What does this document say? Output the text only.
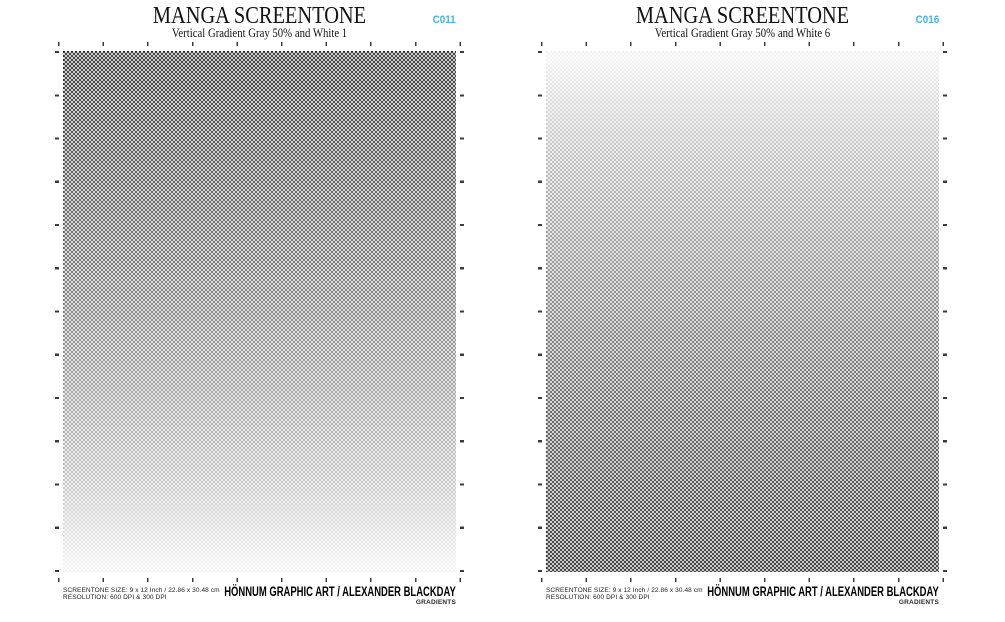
MANGA SCREENTONE
Vertical Gradient Gray 50% and White 1
C011
SCREENTONE SIZE: 9 x 12 Inch / 22.86 x 30.48 cm
RESOLUTION: 600 DPI & 300 DPI	HÖNNUM GRAPHIC ART / ALEXANDER BLACKDAY
GRADIENTS
MANGA SCREENTONE
Vertical Gradient Gray 50% and White 6
C016
SCREENTONE SIZE: 9 x 12 Inch / 22.86 x 30.48 cm
RESOLUTION: 600 DPI & 300 DPI	HÖNNUM GRAPHIC ART / ALEXANDER BLACKDAY
GRADIENTS
